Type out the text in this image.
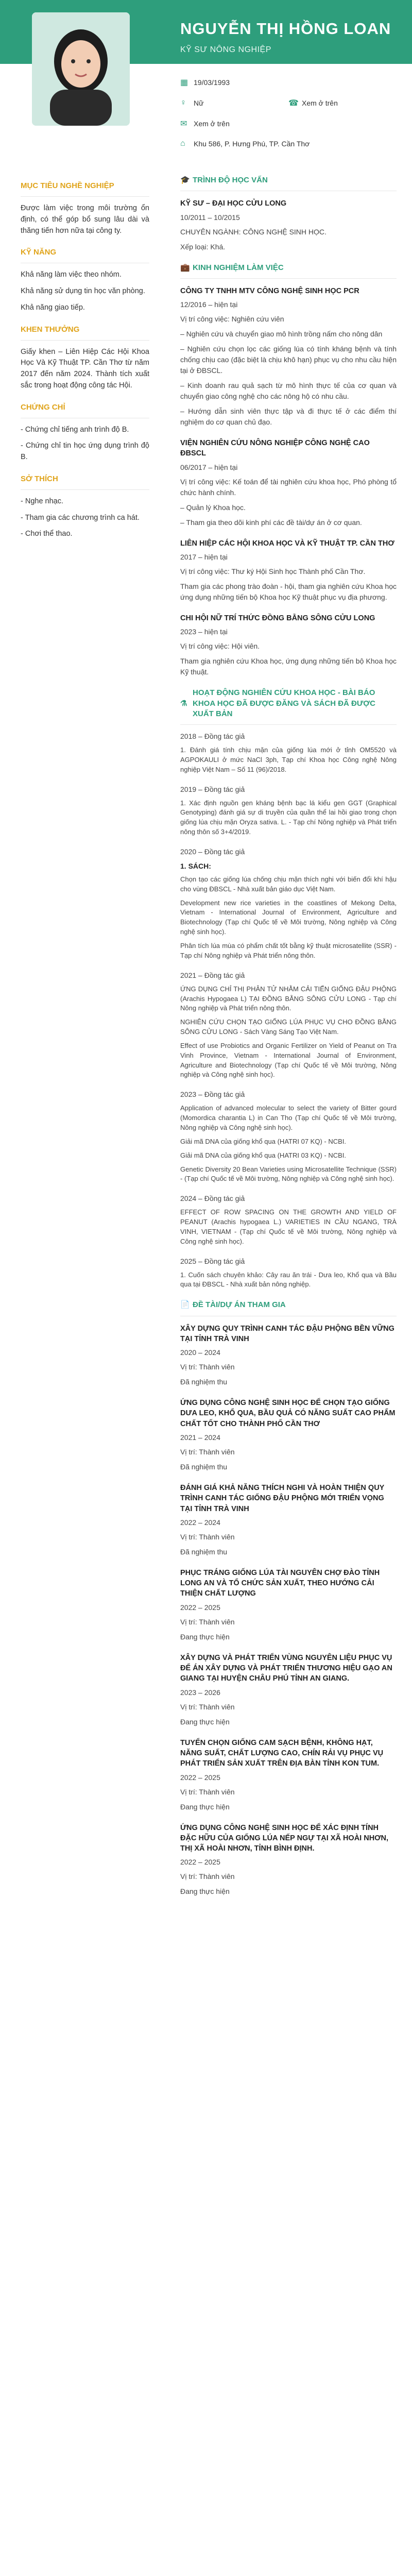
NGUYỄN THỊ HỒNG LOAN
KỸ SƯ NÔNG NGHIỆP
▦ 19/03/1993
♀	Nữ	☎ Xem ở trên
✉ Xem ở trên
⌂	Khu 586, P. Hưng Phú, TP. Cần Thơ
MỤC TIÊU NGHỀ NGHIỆP

Được làm việc trong môi trường ổn định, có thể góp bổ sung lâu dài và thăng tiến hơn nữa tại công ty.

KỸ NĂNG

Khả năng làm việc theo nhóm.

Khả năng sử dụng tin học văn phòng.

Khả năng giao tiếp.

KHEN THƯỞNG

Giấy khen – Liên Hiệp Các Hội Khoa Học Và Kỹ Thuật TP. Cần Thơ từ năm 2017 đến năm 2024. Thành tích xuất sắc trong hoạt động công tác Hội.

CHỨNG CHỈ

- Chứng chỉ tiếng anh trình độ B.

- Chứng chỉ tin học ứng dụng trình độ B.

SỞ THÍCH

- Nghe nhạc.

- Tham gia các chương trình ca hát.

- Chơi thể thao.

🎓 TRÌNH ĐỘ HỌC VẤN
KỸ SƯ – ĐẠI HỌC CỬU LONG
10/2011 – 10/2015
CHUYÊN NGÀNH: CÔNG NGHỆ SINH HỌC.
Xếp loại: Khá.
💼 KINH NGHIỆM LÀM VIỆC
CÔNG TY TNHH MTV CÔNG NGHỆ SINH HỌC PCR
12/2016 – hiện tại
Vị trí công việc: Nghiên cứu viên
– Nghiên cứu và chuyển giao mô hình trồng nấm cho nông dân
– Nghiên cứu chọn lọc các giống lúa có tính kháng bệnh và tính chống chịu cao (đặc biệt là chịu khô hạn) phục vụ cho nhu cầu hiện tại ở ĐBSCL.
– Kinh doanh rau quả sạch từ mô hình thực tế của cơ quan và chuyển giao công nghệ cho các nông hộ có nhu cầu.
– Hướng dẫn sinh viên thực tập và đi thực tế ở các điểm thí nghiệm do cơ quan chủ đạo.
VIỆN NGHIÊN CỨU NÔNG NGHIỆP CÔNG NGHỆ CAO ĐBSCL
06/2017 – hiện tại
Vị trí công việc: Kế toán để tài nghiên cứu khoa học, Phó phòng tổ chức hành chính.
– Quản lý Khoa học.
– Tham gia theo dõi kinh phí các đề tài/dự án ở cơ quan.
LIÊN HIỆP CÁC HỘI KHOA HỌC VÀ KỸ THUẬT TP. CẦN THƠ
2017 – hiện tại
Vị trí công việc: Thư ký Hội Sinh học Thành phố Cần Thơ.
Tham gia các phong trào đoàn - hội, tham gia nghiên cứu Khoa học ứng dụng những tiến bộ Khoa học Kỹ thuật phục vụ địa phương.
CHI HỘI NỮ TRÍ THỨC ĐỒNG BẰNG SÔNG CỬU LONG
2023 – hiện tại
Vị trí công việc: Hội viên.
Tham gia nghiên cứu Khoa học, ứng dụng những tiến bộ Khoa học Kỹ thuật.
⚗
HOẠT ĐỘNG NGHIÊN CỨU KHOA HỌC - BÀI BÁO KHOA HỌC ĐÃ ĐƯỢC ĐĂNG VÀ SÁCH ĐÃ ĐƯỢC XUẤT BẢN
2018 – Đồng tác giả
1. Đánh giá tính chịu mặn của giống lúa mới ở tỉnh OM5520 và AGPOKAULI ở mức NaCl 3ph, Tạp chí Khoa học Công nghệ Nông nghiệp Việt Nam – Số 11 (96)/2018.
2019 – Đồng tác giả
1. Xác định nguồn gen kháng bệnh bạc lá kiểu gen GGT (Graphical Genotyping) đánh giá sự di truyền của quần thể lai hồi giao trong chọn giống lúa chịu mặn Oryza sativa. L. - Tạp chí Nông nghiệp và Phát triển nông thôn số 3+4/2019.
2020 – Đồng tác giả
1. SÁCH:
Chọn tạo các giống lúa chống chịu mặn thích nghi với biến đổi khí hậu cho vùng ĐBSCL - Nhà xuất bản giáo dục Việt Nam.
Development new rice varieties in the coastlines of Mekong Delta, Vietnam - International Journal of Environment, Agriculture and Biotechnology (Tạp chí Quốc tế về Môi trường, Nông nghiệp và Công nghệ sinh học).
Phân tích lúa mùa có phẩm chất tốt bằng kỹ thuật microsatellite (SSR) - Tạp chí Nông nghiệp và Phát triển nông thôn.
2021 – Đồng tác giả
ỨNG DỤNG CHỈ THỊ PHÂN TỬ NHẰM CẢI TIẾN GIỐNG ĐẬU PHỘNG (Arachis Hypogaea L) TẠI ĐỒNG BẰNG SÔNG CỬU LONG - Tạp chí Nông nghiệp và Phát triển nông thôn.
NGHIÊN CỨU CHỌN TẠO GIỐNG LÚA PHỤC VỤ CHO ĐỒNG BẰNG SÔNG CỬU LONG - Sách Vàng Sáng Tạo Việt Nam.
Effect of use Probiotics and Organic Fertilizer on Yield of Peanut on Tra Vinh Province, Vietnam - International Journal of Environment, Agriculture and Biotechnology (Tạp chí Quốc tế về Môi trường, Nông nghiệp và Công nghệ sinh học).
2023 – Đồng tác giả
Application of advanced molecular to select the variety of Bitter gourd (Momordica charantia L) in Can Tho (Tạp chí Quốc tế về Môi trường, Nông nghiệp và Công nghệ sinh học).
Giải mã DNA của giống khổ qua (HATRI 07 KQ) - NCBI.
Giải mã DNA của giống khổ qua (HATRI 03 KQ) - NCBI.
Genetic Diversity 20 Bean Varieties using Microsatellite Technique (SSR) - (Tạp chí Quốc tế về Môi trường, Nông nghiệp và Công nghệ sinh học).
2024 – Đồng tác giả
EFFECT OF ROW SPACING ON THE GROWTH AND YIELD OF PEANUT (Arachis hypogaea L.) VARIETIES IN CẦU NGANG, TRÀ VINH, VIETNAM - (Tạp chí Quốc tế về Môi trường, Nông nghiệp và Công nghệ sinh học).
2025 – Đồng tác giả
1. Cuốn sách chuyên khảo: Cây rau ăn trái - Dưa leo, Khổ qua và Bầu qua tại ĐBSCL - Nhà xuất bản nông nghiệp.
📄 ĐỀ TÀI/DỰ ÁN THAM GIA
XÂY DỰNG QUY TRÌNH CANH TÁC ĐẬU PHỘNG BỀN VỮNG TẠI TỈNH TRÀ VINH
2020 – 2024
Vị trí: Thành viên
Đã nghiệm thu
ỨNG DỤNG CÔNG NGHỆ SINH HỌC ĐỂ CHỌN TẠO GIỐNG DƯA LEO, KHỔ QUA, BẦU QUẢ CÓ NĂNG SUẤT CAO PHẨM CHẤT TỐT CHO THÀNH PHỐ CẦN THƠ
2021 – 2024
Vị trí: Thành viên
Đã nghiệm thu
ĐÁNH GIÁ KHẢ NĂNG THÍCH NGHI VÀ HOÀN THIỆN QUY TRÌNH CANH TÁC GIỐNG ĐẬU PHỘNG MỚI TRIỂN VỌNG TẠI TỈNH TRÀ VINH
2022 – 2024
Vị trí: Thành viên
Đã nghiệm thu
PHỤC TRÁNG GIỐNG LÚA TÀI NGUYÊN CHỢ ĐÀO TỈNH LONG AN VÀ TỔ CHỨC SẢN XUẤT, THEO HƯỚNG CẢI THIỆN CHẤT LƯỢNG
2022 – 2025
Vị trí: Thành viên
Đang thực hiện
XÂY DỰNG VÀ PHÁT TRIỂN VÙNG NGUYÊN LIỆU PHỤC VỤ ĐỂ ÁN XÂY DỰNG VÀ PHÁT TRIỂN THƯƠNG HIỆU GẠO AN GIANG TẠI HUYỆN CHÂU PHÚ TỈNH AN GIANG.
2023 – 2026
Vị trí: Thành viên
Đang thực hiện
TUYỂN CHỌN GIỐNG CAM SẠCH BỆNH, KHÔNG HẠT, NĂNG SUẤT, CHẤT LƯỢNG CAO, CHÍN RẢI VỤ PHỤC VỤ PHÁT TRIỂN SẢN XUẤT TRÊN ĐỊA BÀN TỈNH KON TUM.
2022 – 2025
Vị trí: Thành viên
Đang thực hiện
ỨNG DỤNG CÔNG NGHỆ SINH HỌC ĐỂ XÁC ĐỊNH TÍNH ĐẶC HỮU CỦA GIỐNG LÚA NẾP NGỰ TẠI XÃ HOÀI NHƠN, THỊ XÃ HOÀI NHƠN, TỈNH BÌNH ĐỊNH.
2022 – 2025
Vị trí: Thành viên
Đang thực hiện
